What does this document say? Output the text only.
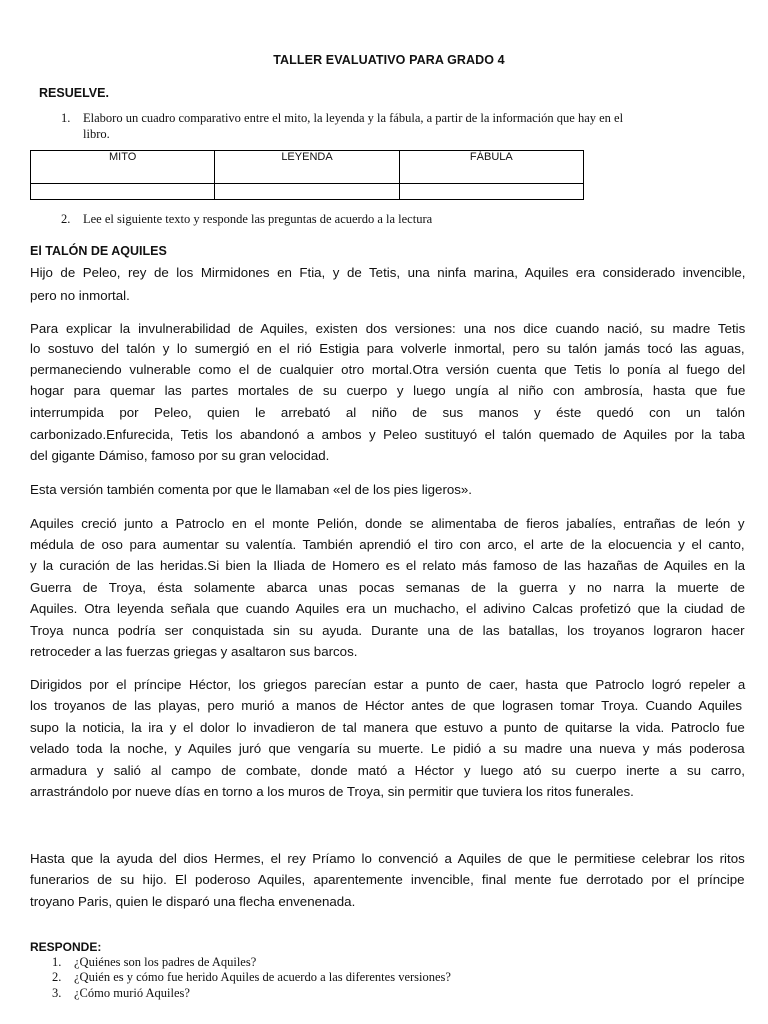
TALLER EVALUATIVO PARA GRADO 4
RESUELVE.
1. Elaboro un cuadro comparativo entre el mito, la leyenda y la fábula, a partir de la información que hay en el
libro.
MITO	LEYENDA	FÁBULA

2. Lee el siguiente texto y responde las preguntas de acuerdo a la lectura
El TALÓN DE AQUILES
Hijo de Peleo, rey de los Mirmidones en Ftia, y de Tetis, una ninfa marina, Aquiles era considerado invencible,
pero no inmortal.
Para explicar la invulnerabilidad de Aquiles, existen dos versiones: una nos dice cuando nació, su madre Tetis
lo sostuvo del talón y lo sumergió en el rió Estigia para volverle inmortal, pero su talón jamás tocó las aguas,
permaneciendo vulnerable como el de cualquier otro mortal.Otra versión cuenta que Tetis lo ponía al fuego del
hogar para quemar las partes mortales de su cuerpo y luego ungía al niño con ambrosía, hasta que fue
interrumpida por Peleo, quien le arrebató al niño de sus manos y éste quedó con un talón
carbonizado.Enfurecida, Tetis los abandonó a ambos y Peleo sustituyó el talón quemado de Aquiles por la taba
del gigante Dámiso, famoso por su gran velocidad.
Esta versión también comenta por que le llamaban «el de los pies ligeros».
Aquiles creció junto a Patroclo en el monte Pelión, donde se alimentaba de fieros jabalíes, entrañas de león y
médula de oso para aumentar su valentía. También aprendió el tiro con arco, el arte de la elocuencia y el canto,
y la curación de las heridas.Si bien la Iliada de Homero es el relato más famoso de las hazañas de Aquiles en la
Guerra de Troya, ésta solamente abarca unas pocas semanas de la guerra y no narra la muerte de
Aquiles. Otra leyenda señala que cuando Aquiles era un muchacho, el adivino Calcas profetizó que la ciudad de
Troya nunca podría ser conquistada sin su ayuda. Durante una de las batallas, los troyanos lograron hacer
retroceder a las fuerzas griegas y asaltaron sus barcos.
Dirigidos por el príncipe Héctor, los griegos parecían estar a punto de caer, hasta que Patroclo logró repeler a
los troyanos de las playas, pero murió a manos de Héctor antes de que lograsen tomar Troya. Cuando Aquiles
supo la noticia, la ira y el dolor lo invadieron de tal manera que estuvo a punto de quitarse la vida. Patroclo fue
velado toda la noche, y Aquiles juró que vengaría su muerte. Le pidió a su madre una nueva y más poderosa
armadura y salió al campo de combate, donde mató a Héctor y luego ató su cuerpo inerte a su carro,
arrastrándolo por nueve días en torno a los muros de Troya, sin permitir que tuviera los ritos funerales.
Hasta que la ayuda del dios Hermes, el rey Príamo lo convenció a Aquiles de que le permitiese celebrar los ritos
funerarios de su hijo. El poderoso Aquiles, aparentemente invencible, final mente fue derrotado por el príncipe
troyano Paris, quien le disparó una flecha envenenada.
RESPONDE:
1. ¿Quiénes son los padres de Aquiles?
2. ¿Quién es y cómo fue herido Aquiles de acuerdo a las diferentes versiones?
3. ¿Cómo murió Aquiles?
